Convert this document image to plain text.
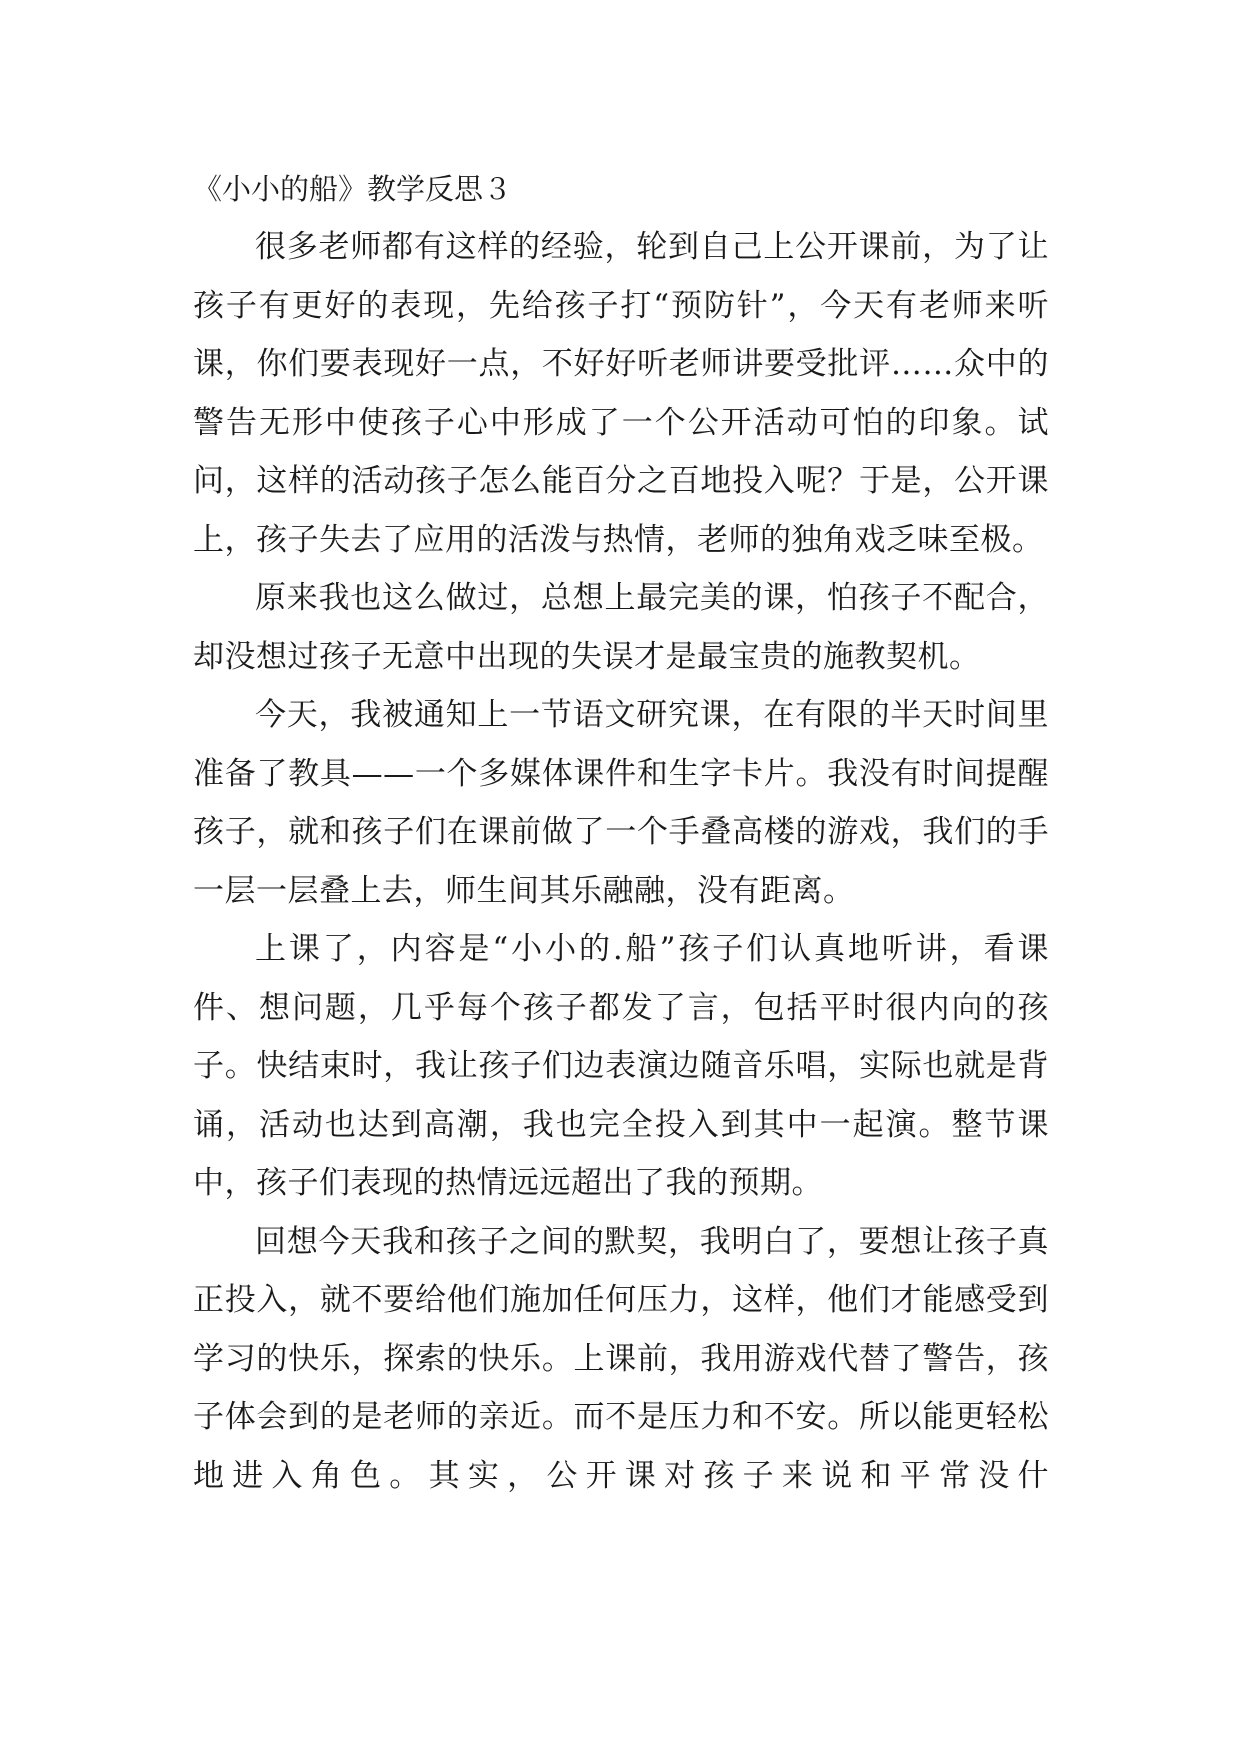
《小小的船》教学反思３

很多老师都有这样的经验，轮到自己上公开课前，为了让孩子有更好的表现，先给孩子打“预防针”，今天有老师来听课，你们要表现好一点，不好好听老师讲要受批评……众中的警告无形中使孩子心中形成了一个公开活动可怕的印象。试问，这样的活动孩子怎么能百分之百地投入呢？于是，公开课上，孩子失去了应用的活泼与热情，老师的独角戏乏味至极。

原来我也这么做过，总想上最完美的课，怕孩子不配合，却没想过孩子无意中出现的失误才是最宝贵的施教契机。

今天，我被通知上一节语文研究课，在有限的半天时间里准备了教具——一个多媒体课件和生字卡片。我没有时间提醒孩子，就和孩子们在课前做了一个手叠高楼的游戏，我们的手一层一层叠上去，师生间其乐融融，没有距离。

上课了，内容是“小小的.船”孩子们认真地听讲，看课件、想问题，几乎每个孩子都发了言，包括平时很内向的孩子。快结束时，我让孩子们边表演边随音乐唱，实际也就是背诵，活动也达到高潮，我也完全投入到其中一起演。整节课中，孩子们表现的热情远远超出了我的预期。

回想今天我和孩子之间的默契，我明白了，要想让孩子真正投入，就不要给他们施加任何压力，这样，他们才能感受到学习的快乐，探索的快乐。上课前，我用游戏代替了警告，孩子体会到的是老师的亲近。而不是压力和不安。所以能更轻松地进入角色。其实，公开课对孩子来说和平常没什
